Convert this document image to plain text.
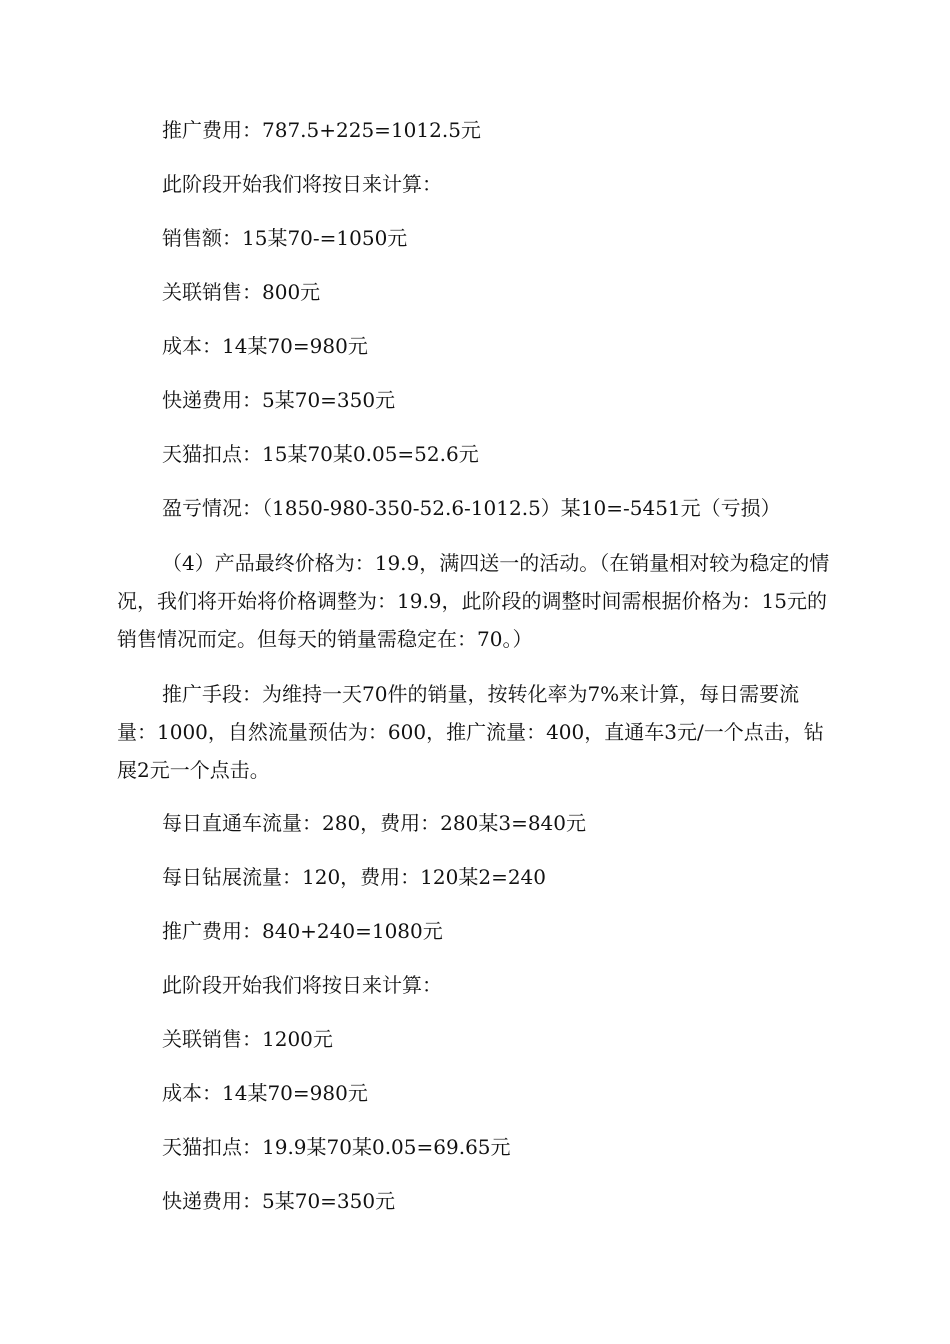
推广费用：787.5+225=1012.5元
此阶段开始我们将按日来计算：
销售额：15某70-=1050元
关联销售：800元
成本：14某70=980元
快递费用：5某70=350元
天猫扣点：15某70某0.05=52.6元
盈亏情况：（1850-980-350-52.6-1012.5）某10=-5451元（亏损）
（4）产品最终价格为：19.9，满四送一的活动。（在销量相对较为稳定的情况，我们将开始将价格调整为：19.9，此阶段的调整时间需根据价格为：15元的销售情况而定。但每天的销量需稳定在：70。）
推广手段：为维持一天70件的销量，按转化率为7%来计算，每日需要流量：1000，自然流量预估为：600，推广流量：400，直通车3元/一个点击，钻展2元一个点击。
每日直通车流量：280，费用：280某3=840元
每日钻展流量：120，费用：120某2=240
推广费用：840+240=1080元
此阶段开始我们将按日来计算：
关联销售：1200元
成本：14某70=980元
天猫扣点：19.9某70某0.05=69.65元
快递费用：5某70=350元
